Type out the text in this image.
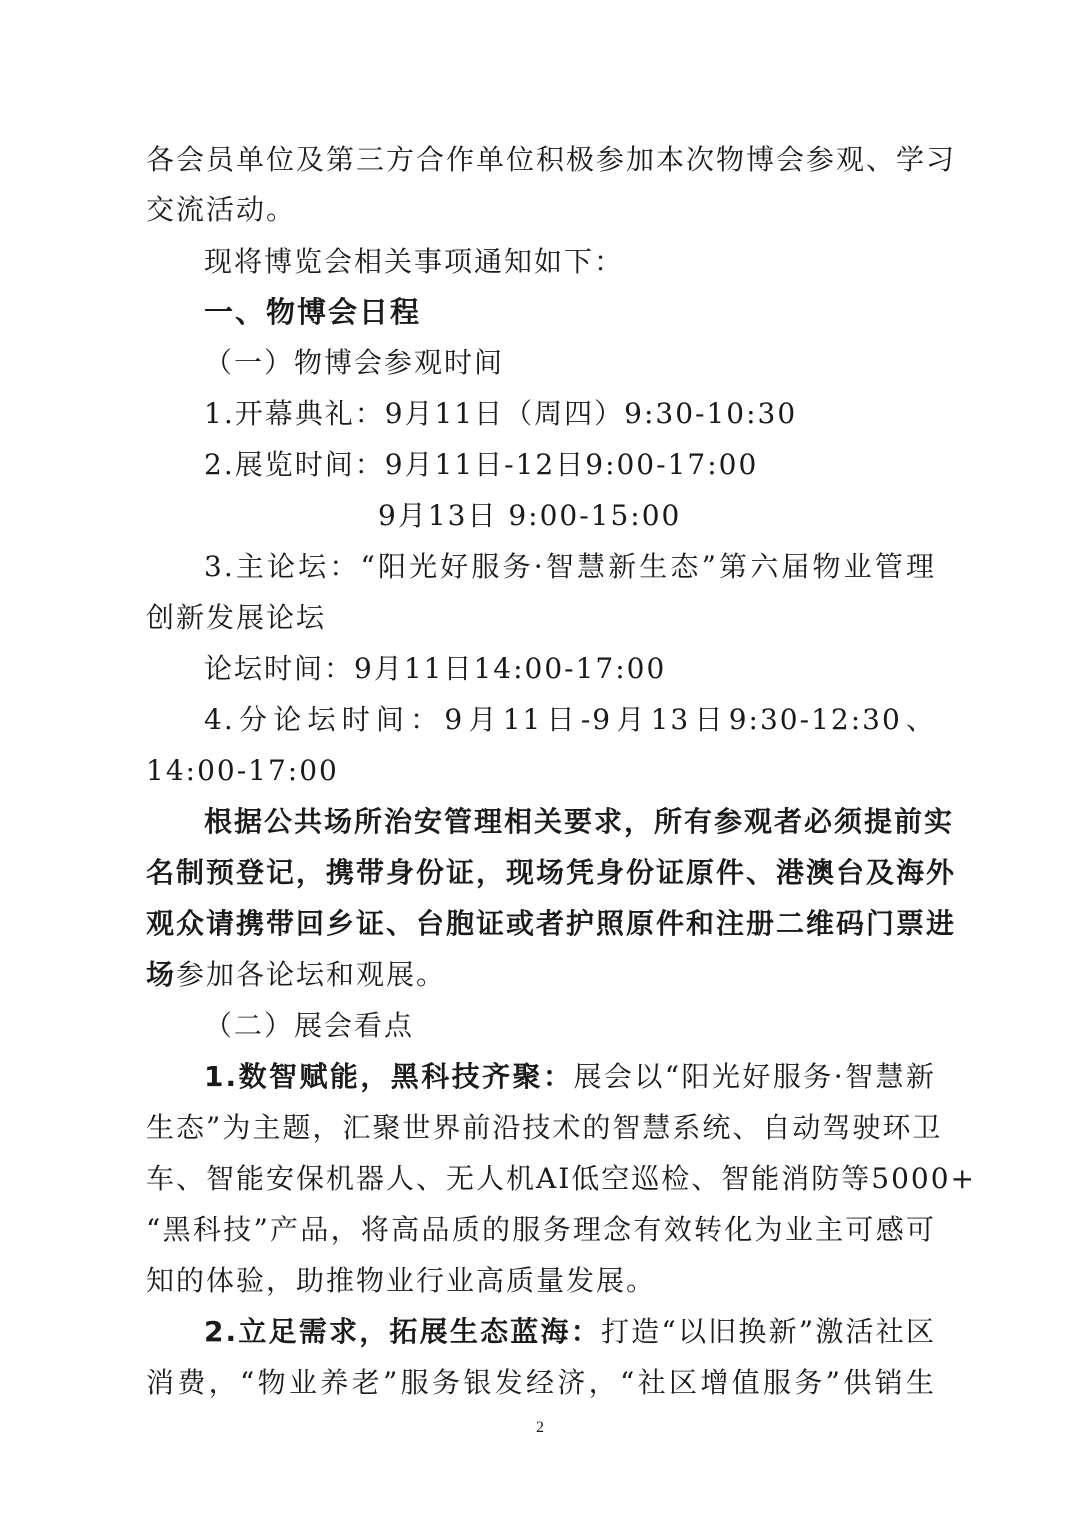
各会员单位及第三方合作单位积极参加本次物博会参观、学习
交流活动。
现将博览会相关事项通知如下：
一、物博会日程
（一）物博会参观时间
1.开幕典礼：9月11日（周四）9:30-10:30
2.展览时间：9月11日-12日9:00-17:00
9月13日 9:00-15:00
3.主论坛：“阳光好服务·智慧新生态”第六届物业管理
创新发展论坛
论坛时间：9月11日14:00-17:00
4.分论坛时间：9月11日-9月13日9:30-12:30、
14:00-17:00
根据公共场所治安管理相关要求，所有参观者必须提前实
名制预登记，携带身份证，现场凭身份证原件、港澳台及海外
观众请携带回乡证、台胞证或者护照原件和注册二维码门票进
场参加各论坛和观展。
（二）展会看点
1.数智赋能，黑科技齐聚：展会以“阳光好服务·智慧新
生态”为主题，汇聚世界前沿技术的智慧系统、自动驾驶环卫
车、智能安保机器人、无人机AI低空巡检、智能消防等5000+
“黑科技”产品，将高品质的服务理念有效转化为业主可感可
知的体验，助推物业行业高质量发展。
2.立足需求，拓展生态蓝海：打造“以旧换新”激活社区
消费，“物业养老”服务银发经济，“社区增值服务”供销生
2
